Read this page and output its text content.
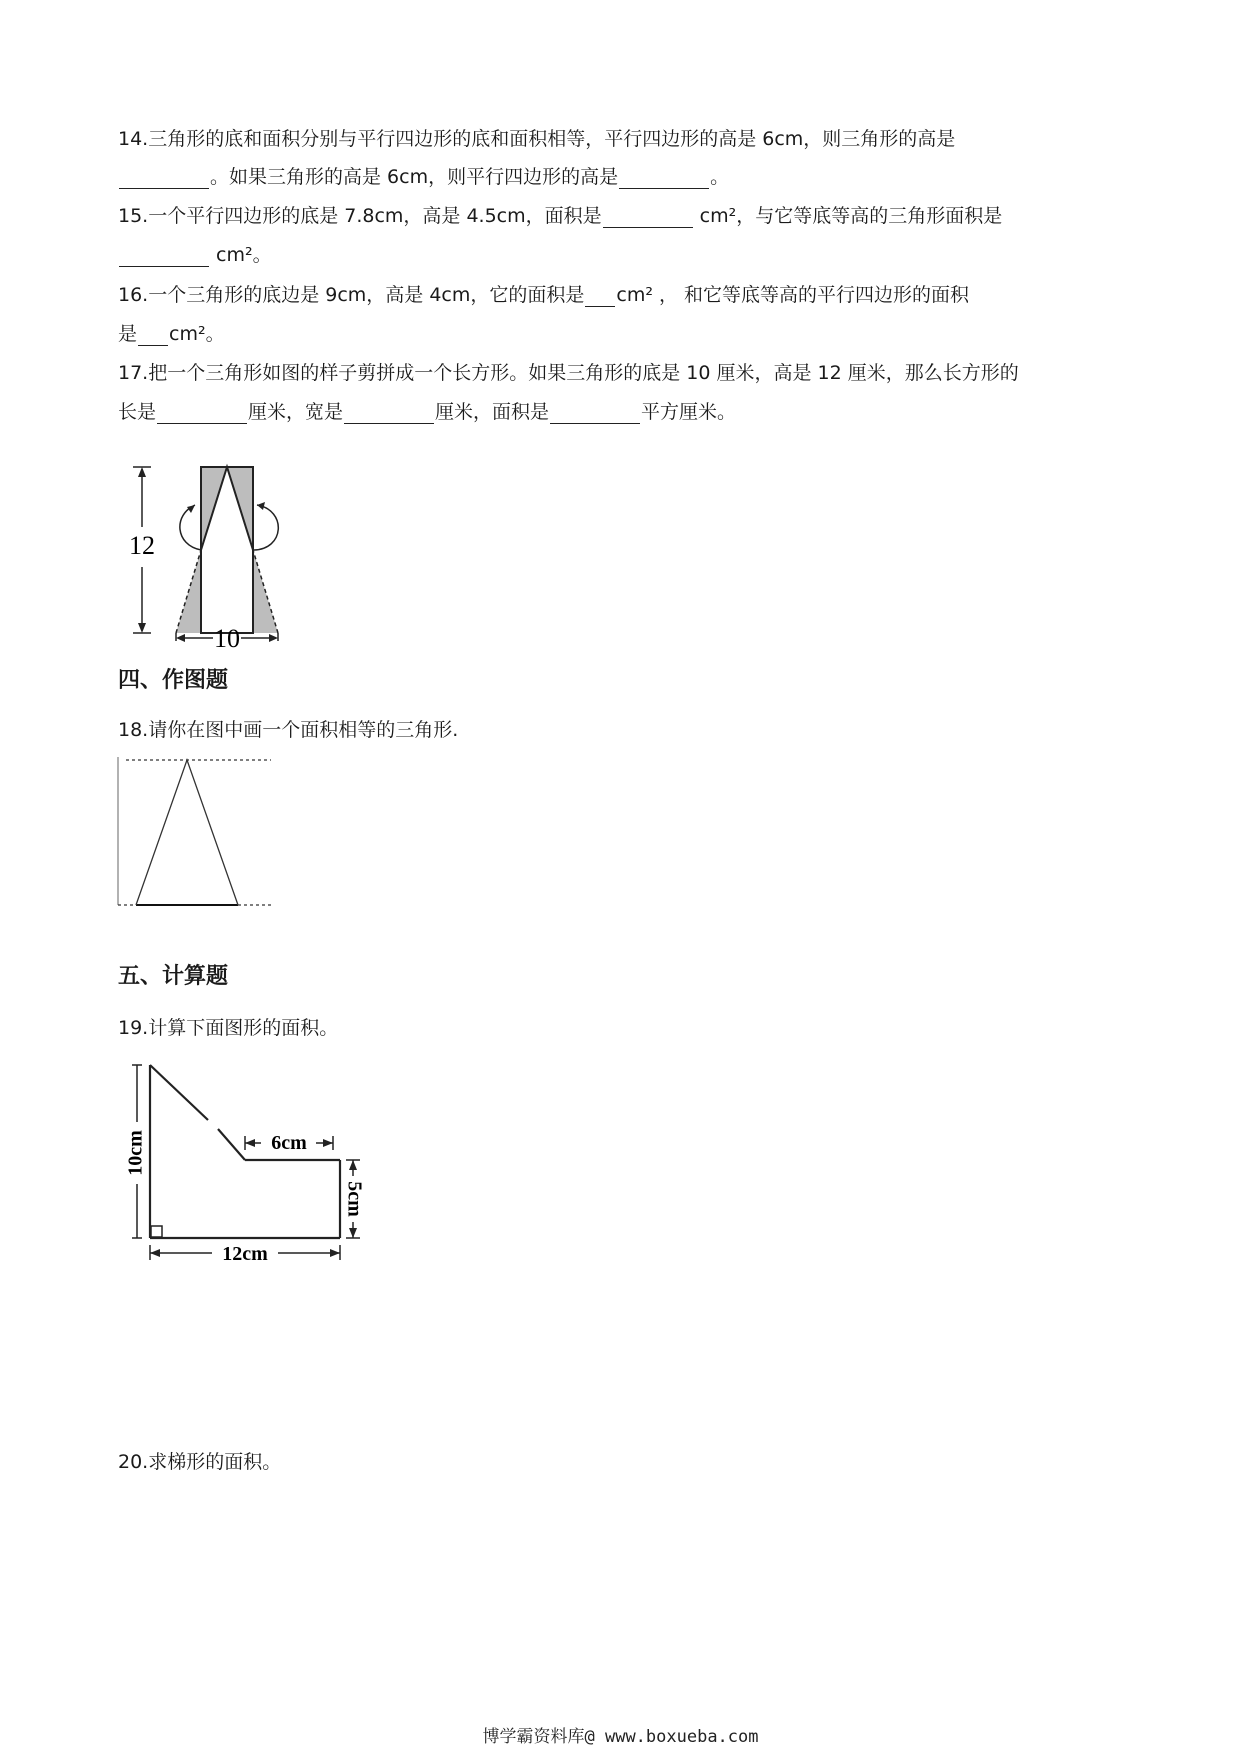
14.三角形的底和面积分别与平行四边形的底和面积相等，平行四边形的高是 6cm，则三角形的高是
。如果三角形的高是 6cm，则平行四边形的高是	。
15.一个平行四边形的底是 7.8cm，高是 4.5cm，面积是	cm²，与它等底等高的三角形面积是
cm²。
16.一个三角形的底边是 9cm，高是 4cm，它的面积是 cm² ， 和它等底等高的平行四边形的面积
是 cm²。
17.把一个三角形如图的样子剪拼成一个长方形。如果三角形的底是 10 厘米，高是 12 厘米，那么长方形的
长是	厘米，宽是	厘米，面积是	平方厘米。
12
10
四、作图题
18.请你在图中画一个面积相等的三角形.
五、计算题
19.计算下面图形的面积。
10cm	6cm
5cm
12cm
20.求梯形的面积。
博学霸资料库@ www.boxueba.com
